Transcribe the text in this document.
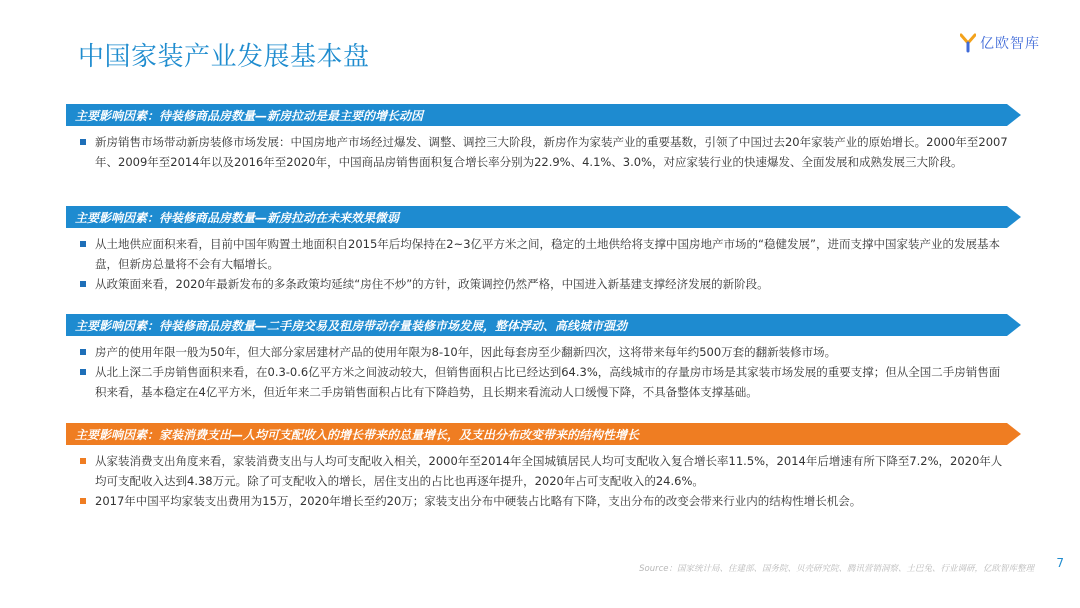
中国家装产业发展基本盘	亿欧智库
主要影响因素：待装修商品房数量—新房拉动是最主要的增长动因
新房销售市场带动新房装修市场发展：中国房地产市场经过爆发、调整、调控三大阶段，新房作为家装产业的重要基数，引领了中国过去20年家装产业的原始增长。2000年至2007年、2009年至2014年以及2016年至2020年，中国商品房销售面积复合增长率分别为22.9%、4.1%、3.0%，对应家装行业的快速爆发、全面发展和成熟发展三大阶段。
主要影响因素：待装修商品房数量—新房拉动在未来效果微弱
从土地供应面积来看，目前中国年购置土地面积自2015年后均保持在2~3亿平方米之间，稳定的土地供给将支撑中国房地产市场的“稳健发展”，进而支撑中国家装产业的发展基本盘，但新房总量将不会有大幅增长。
从政策面来看，2020年最新发布的多条政策均延续“房住不炒”的方针，政策调控仍然严格，中国进入新基建支撑经济发展的新阶段。
主要影响因素：待装修商品房数量—二手房交易及租房带动存量装修市场发展，整体浮动、高线城市强劲
房产的使用年限一般为50年，但大部分家居建材产品的使用年限为8-10年，因此每套房至少翻新四次，这将带来每年约500万套的翻新装修市场。
从北上深二手房销售面积来看，在0.3-0.6亿平方米之间波动较大，但销售面积占比已经达到64.3%，高线城市的存量房市场是其家装市场发展的重要支撑；但从全国二手房销售面积来看，基本稳定在4亿平方米，但近年来二手房销售面积占比有下降趋势，且长期来看流动人口缓慢下降，不具备整体支撑基础。
主要影响因素：家装消费支出—人均可支配收入的增长带来的总量增长，及支出分布改变带来的结构性增长
从家装消费支出角度来看，家装消费支出与人均可支配收入相关，2000年至2014年全国城镇居民人均可支配收入复合增长率11.5%，2014年后增速有所下降至7.2%，2020年人均可支配收入达到4.38万元。除了可支配收入的增长，居住支出的占比也再逐年提升，2020年占可支配收入的24.6%。
2017年中国平均家装支出费用为15万，2020年增长至约20万；家装支出分布中硬装占比略有下降，支出分布的改变会带来行业内的结构性增长机会。
Source：国家统计局、住建部、国务院、贝壳研究院、腾讯营销洞察、土巴兔、行业调研，亿欧智库整理 7
